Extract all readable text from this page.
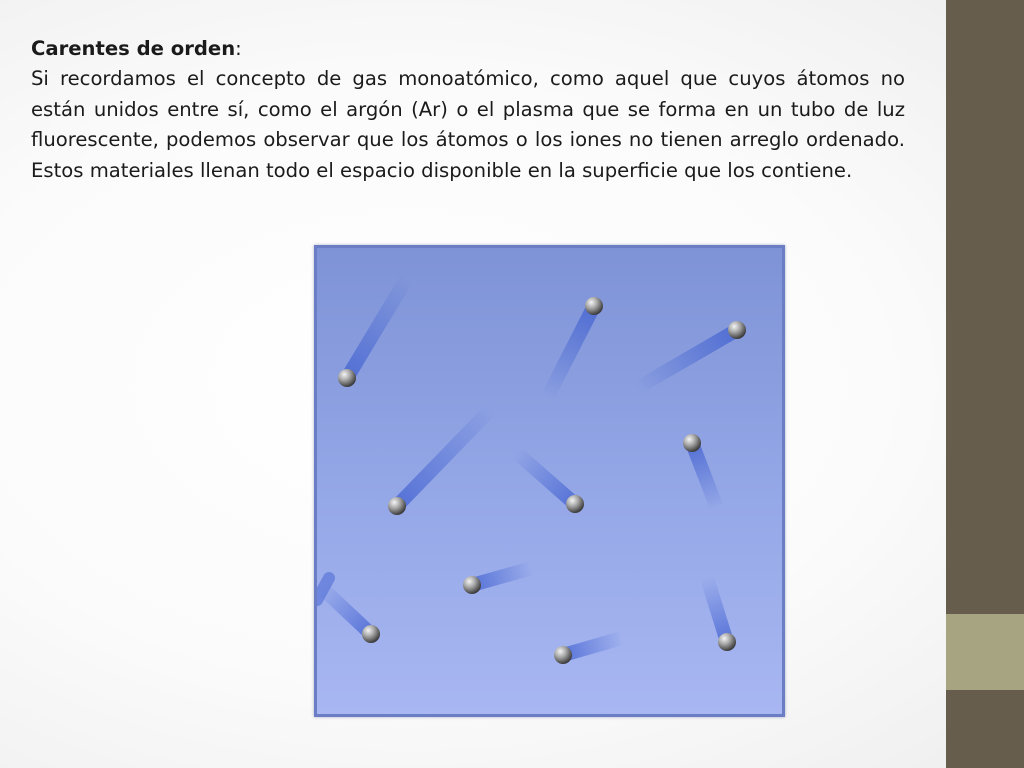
Carentes de orden:

Si recordamos el concepto de gas monoatómico, como aquel que cuyos átomos no están unidos entre sí, como el argón (Ar) o el plasma que se forma en un tubo de luz fluorescente, podemos observar que los átomos o los iones no tienen arreglo ordenado. Estos materiales llenan todo el espacio disponible en la superficie que los contiene.
